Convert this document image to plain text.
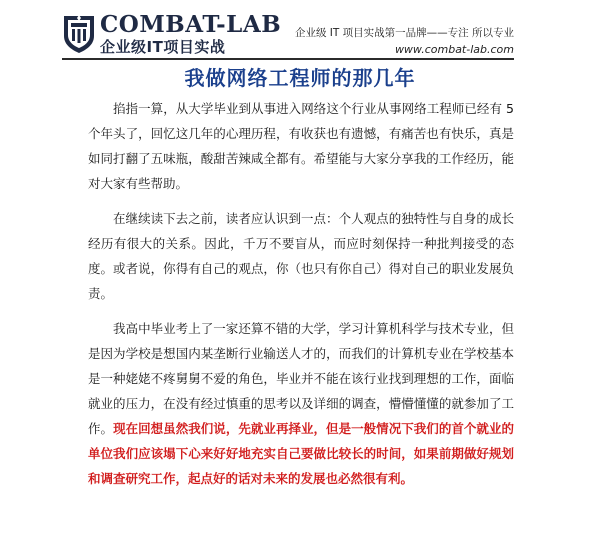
COMBAT-LAB
企业级IT项目实战
企业级 IT 项目实战第一品牌——专注 所以专业
www.combat-lab.com
我做网络工程师的那几年

掐指一算，从大学毕业到从事进入网络这个行业从事网络工程师已经有 5 个年头了，回忆这几年的心理历程，有收获也有遗憾，有痛苦也有快乐，真是如同打翻了五味瓶，酸甜苦辣咸全都有。希望能与大家分享我的工作经历，能对大家有些帮助。

在继续读下去之前，读者应认识到一点：个人观点的独特性与自身的成长经历有很大的关系。因此，千万不要盲从，而应时刻保持一种批判接受的态度。或者说，你得有自己的观点，你（也只有你自己）得对自己的职业发展负责。

我高中毕业考上了一家还算不错的大学，学习计算机科学与技术专业，但是因为学校是想国内某垄断行业输送人才的，而我们的计算机专业在学校基本是一种姥姥不疼舅舅不爱的角色，毕业并不能在该行业找到理想的工作，面临就业的压力，在没有经过慎重的思考以及详细的调查，懵懵懂懂的就参加了工作。现在回想虽然我们说，先就业再择业，但是一般情况下我们的首个就业的单位我们应该塌下心来好好地充实自己要做比较长的时间，如果前期做好规划和调查研究工作，起点好的话对未来的发展也必然很有利。
